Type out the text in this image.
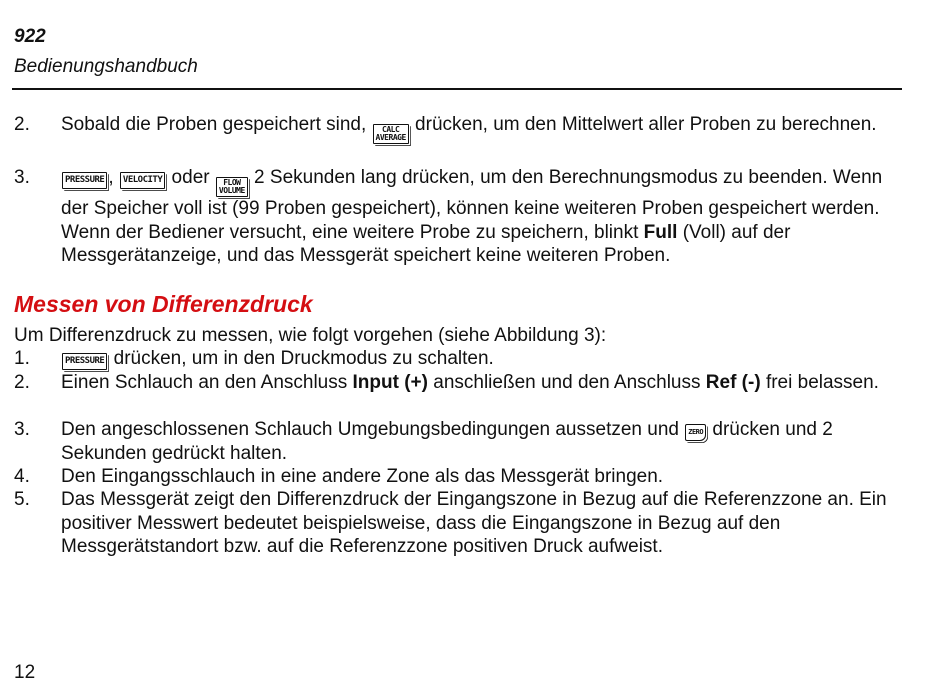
922
Bedienungshandbuch
2. Sobald die Proben gespeichert sind, CALC
AVERAGE
drücken, um den Mittelwert aller Proben zu berechnen.
3.	PRESSURE , VELOCITY oder FLOW
VOLUME
2 Sekunden lang drücken, um den Berechnungsmodus zu beenden. Wenn der Speicher voll ist (99 Proben gespeichert), können keine weiteren Proben gespeichert werden. Wenn der Bediener versucht, eine weitere Probe zu speichern, blinkt Full (Voll) auf der Messgerätanzeige, und das Messgerät speichert keine weiteren Proben.
Messen von Differenzdruck
Um Differenzdruck zu messen, wie folgt vorgehen (siehe Abbildung 3):
1.	PRESSURE drücken, um in den Druckmodus zu schalten.
2. Einen Schlauch an den Anschluss Input (+) anschließen und den Anschluss Ref (-) frei belassen.
3. Den angeschlossenen Schlauch Umgebungsbedingungen aussetzen und ZERO drücken und 2 Sekunden gedrückt halten.
4. Den Eingangsschlauch in eine andere Zone als das Messgerät bringen.
5. Das Messgerät zeigt den Differenzdruck der Eingangszone in Bezug auf die Referenzzone an. Ein positiver Messwert bedeutet beispielsweise, dass die Eingangszone in Bezug auf den Messgerätstandort bzw. auf die Referenzzone positiven Druck aufweist.
12
